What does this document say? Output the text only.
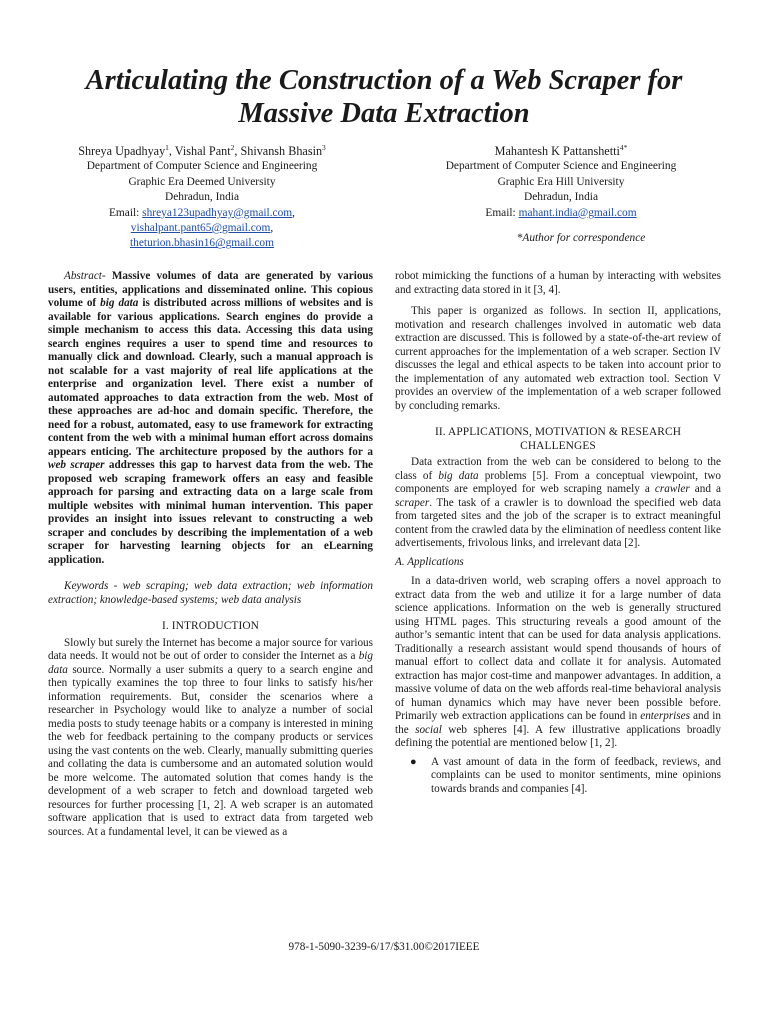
Articulating the Construction of a Web Scraper for
Massive Data Extraction
Shreya Upadhyay$^1$, Vishal Pant$^2$, Shivansh Bhasin$^3$
Department of Computer Science and Engineering
Graphic Era Deemed University
Dehradun, India
Email: shreya123upadhyay@gmail.com,
vishalpant.pant65@gmail.com,
theturion.bhasin16@gmail.com
Mahantesh K Pattanshetti$^{4*}$
Department of Computer Science and Engineering
Graphic Era Hill University
Dehradun, India
Email: mahant.india@gmail.com
*Author for correspondence

Abstract- Massive volumes of data are generated by various users, entities, applications and disseminated online. This copious volume of big data is distributed across millions of websites and is available for various applications. Search engines do provide a simple mechanism to access this data. Accessing this data using search engines requires a user to spend time and resources to manually click and download. Clearly, such a manual approach is not scalable for a vast majority of real life applications at the enterprise and organization level. There exist a number of automated approaches to data extraction from the web. Most of these approaches are ad-hoc and domain specific. Therefore, the need for a robust, automated, easy to use framework for extracting content from the web with a minimal human effort across domains appears enticing. The architecture proposed by the authors for a web scraper addresses this gap to harvest data from the web. The proposed web scraping framework offers an easy and feasible approach for parsing and extracting data on a large scale from multiple websites with minimal human intervention. This paper provides an insight into issues relevant to constructing a web scraper and concludes by describing the implementation of a web scraper for harvesting learning objects for an eLearning application.

Keywords - web scraping; web data extraction; web information extraction; knowledge-based systems; web data analysis

I. INTRODUCTION

Slowly but surely the Internet has become a major source for various data needs. It would not be out of order to consider the Internet as a big data source. Normally a user submits a query to a search engine and then typically examines the top three to four links to satisfy his/her information requirements. But, consider the scenarios where a researcher in Psychology would like to analyze a number of social media posts to study teenage habits or a company is interested in mining the web for feedback pertaining to the company products or services using the vast contents on the web. Clearly, manually submitting queries and collating the data is cumbersome and an automated solution would be more welcome. The automated solution that comes handy is the development of a web scraper to fetch and download targeted web resources for further processing [1, 2]. A web scraper is an automated software application that is used to extract data from targeted web sources. At a fundamental level, it can be viewed as a

robot mimicking the functions of a human by interacting with websites and extracting data stored in it [3, 4].

This paper is organized as follows. In section II, applications, motivation and research challenges involved in automatic web data extraction are discussed. This is followed by a state-of-the-art review of current approaches for the implementation of a web scraper. Section IV discusses the legal and ethical aspects to be taken into account prior to the implementation of any automated web extraction tool. Section V provides an overview of the implementation of a web scraper followed by concluding remarks.

II. APPLICATIONS, MOTIVATION & RESEARCH
CHALLENGES

Data extraction from the web can be considered to belong to the class of big data problems [5]. From a conceptual viewpoint, two components are employed for web scraping namely a crawler and a scraper. The task of a crawler is to download the specified web data from targeted sites and the job of the scraper is to extract meaningful content from the crawled data by the elimination of needless content like advertisements, frivolous links, and irrelevant data [2].

A. Applications

In a data-driven world, web scraping offers a novel approach to extract data from the web and utilize it for a large number of data science applications. Information on the web is generally structured using HTML pages. This structuring reveals a good amount of the author’s semantic intent that can be used for data analysis applications. Traditionally a research assistant would spend thousands of hours of manual effort to collect data and collate it for analysis. Automated extraction has major cost-time and manpower advantages. In addition, a massive volume of data on the web affords real-time behavioral analysis of human dynamics which may have never been possible before. Primarily web extraction applications can be found in enterprises and in the social web spheres [4]. A few illustrative applications broadly defining the potential are mentioned below [1, 2].

● A vast amount of data in the form of feedback, reviews, and complaints can be used to monitor sentiments, mine opinions towards brands and companies [4].
978-1-5090-3239-6/17/$31.00©2017IEEE
